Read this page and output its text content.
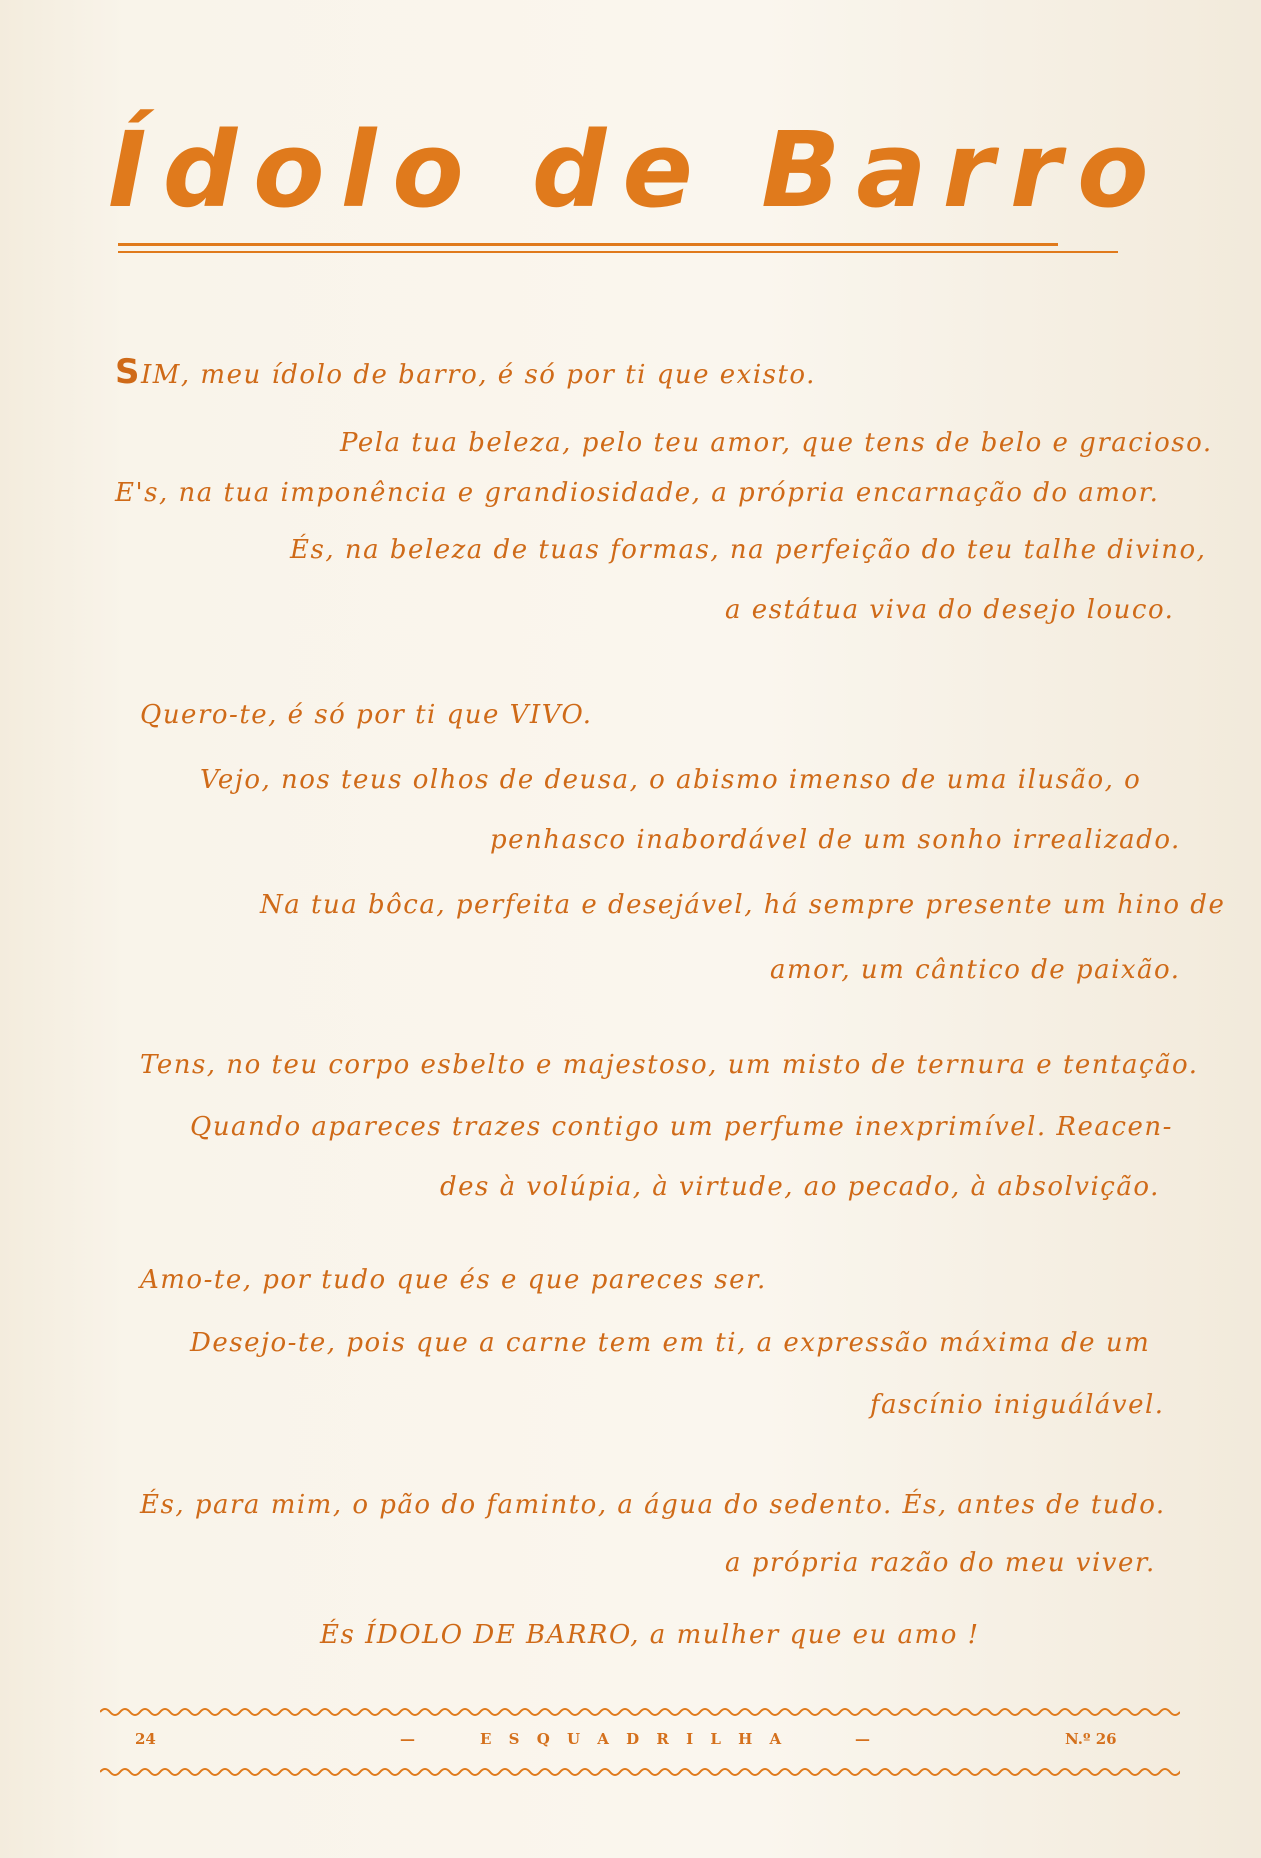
Ídolo de Barro
SIM, meu ídolo de barro, é só por ti que existo.
Pela tua beleza, pelo teu amor, que tens de belo e gracioso.
E's, na tua imponência e grandiosidade, a própria encarnação do amor.
És, na beleza de tuas formas, na perfeição do teu talhe divino,
a estátua viva do desejo louco.
Quero-te, é só por ti que VIVO.
Vejo, nos teus olhos de deusa, o abismo imenso de uma ilusão, o
penhasco inabordável de um sonho irrealizado.
Na tua bôca, perfeita e desejável, há sempre presente um hino de
amor, um cântico de paixão.
Tens, no teu corpo esbelto e majestoso, um misto de ternura e tentação.
Quando apareces trazes contigo um perfume inexprimível. Reacen-
des à volúpia, à virtude, ao pecado, à absolvição.
Amo-te, por tudo que és e que pareces ser.
Desejo-te, pois que a carne tem em ti, a expressão máxima de um
fascínio iniguálável.
És, para mim, o pão do faminto, a água do sedento. És, antes de tudo.
a própria razão do meu viver.
És ÍDOLO DE BARRO, a mulher que eu amo !
24	—	E S Q U A D R I L H A	—	N.º 26
